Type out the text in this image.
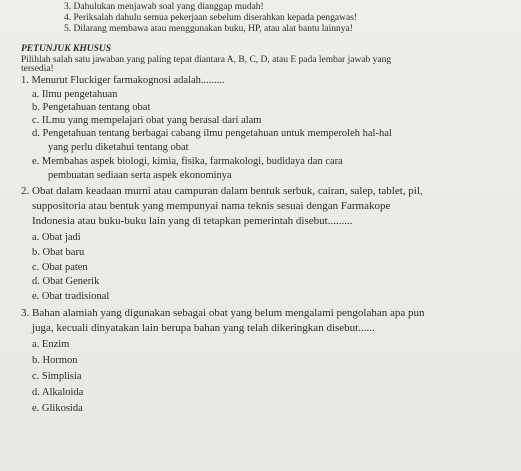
3. Dahulukan menjawab soal yang dianggap mudah!
4. Periksalah dahulu semua pekerjaan sebelum diserahkan kepada pengawas!
5. Dilarang membawa atau menggunakan buku, HP, atau alat bantu lainnya!
PETUNJUK KHUSUS
Pilihlah salah satu jawaban yang paling tepat diantara A, B, C, D, atau E pada lembar jawab yang
tersedia!
1. Menurut Fluckiger farmakognosi adalah.........
a. Ilmu pengetahuan
b. Pengetahuan tentang obat
c. ILmu yang mempelajari obat yang berasal dari alam
d. Pengetahuan tentang berbagai cabang ilmu pengetahuan untuk memperoleh hal-hal
yang perlu diketahui tentang obat
e. Membahas aspek biologi, kimia, fisika, farmakologi, budidaya dan cara
pembuatan sediaan serta aspek ekonominya
2. Obat dalam keadaan murni atau campuran dalam bentuk serbuk, cairan, salep, tablet, pil,
suppositoria atau bentuk yang mempunyai nama teknis sesuai dengan Farmakope
Indonesia atau buku-buku lain yang di tetapkan pemerintah disebut.........
a. Obat jadi
b. Obat baru
c. Obat paten
d. Obat Generik
e. Obat tradisional
3. Bahan alamiah yang digunakan sebagai obat yang belum mengalami pengolahan apa pun
juga, kecuali dinyatakan lain berupa bahan yang telah dikeringkan disebut......
a. Enzim
b. Hormon
c. Simplisia
d. Alkaloida
e. Glikosida
